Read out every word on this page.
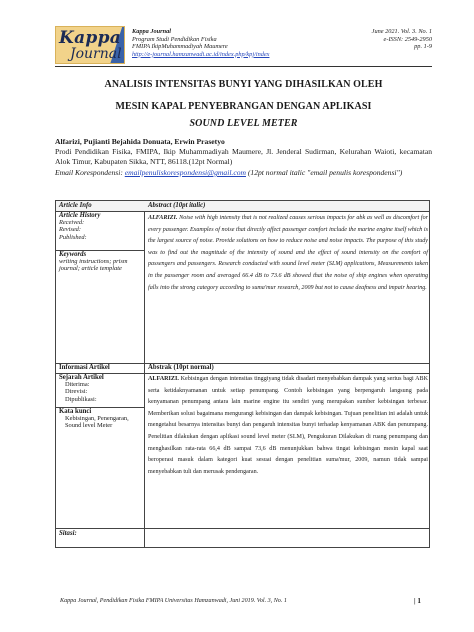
Kappa
Journal
Kappa Journal
Program Studi Pendidikan Fisika
FMIPA IkipMuhammadiyah Maumere
http://e-journal.hamzanwadi.ac.id/index.php/kpj/index
June 2021. Vol. 3. No. 1
e-ISSN: 2549-2950
pp. 1-9
ANALISIS INTENSITAS BUNYI YANG DIHASILKAN OLEH
MESIN KAPAL PENYEBRANGAN DENGAN APLIKASI
SOUND LEVEL METER
Alfarizi, Pujianti Bejahida Donuata, Erwin Prasetyo
Prodi Pendidikan Fisika, FMIPA, Ikip Muhammadiyah Maumere, Jl. Jenderal Sudirman, Kelurahan Waioti, kecamatan Alok Timur, Kabupaten Sikka, NTT, 86118.(12pt Normal)
Email Korespondensi: emailpenuliskorespondensi@gmail.com (12pt normal italic "email penulis korespondensi")
Article Info	Abstract (10pt italic)
Article History
Received:
Revised:
Published:
Keywords
writing instructions; prism journal; article template
ALFARIZI. Noise with high intensity that is not realized causes serious impacts for abk as well as discomfort for every passenger. Examples of noise that directly affect passenger comfort include the marine engine itself which is the largest source of noise. Provide solutions on how to reduce noise and noise impacts. The purpose of this study was to find out the magnitude of the intensity of sound and the effect of sound intensity on the comfort of passengers and passengers. Research conducted with sound level meter (SLM) applications, Measurements taken in the passenger room and averaged 66.4 dB to 73.6 dB showed that the noise of ship engines when operating falls into the strong category according to suma'mur research, 2009 but not to cause deafness and impair hearing.
Informasi Artikel	Abstrak (10pt normal)
Sejarah Artikel
Diterima:
Direvisi:
Dipublikasi:
Kata kunci
Kebisingan, Penengaran, Sound level Meter
ALFARIZI. Kebisingan dengan intensitas tinggiyang tidak disadari menyebabkan dampak yang serius bagi ABK serta ketidaknyamanan untuk setiap penumpang. Contoh kebisingan yang berpengaruh langsung pada kenyamanan penumpang antara lain marine engine itu sendiri yang merupakan sumber kebisingan terbesar. Memberikan solusi bagaimana mengurangi kebisingan dan dampak kebisingan. Tujuan penelitian ini adalah untuk mengetahui besarnya intensitas bunyi dan pengaruh intensitas bunyi terhadap kenyamanan ABK dan penumpang. Penelitian dilakukan dengan aplikasi sound level meter (SLM), Pengukuran Dilakukan di ruang penumpang dan menghasilkan rata-rata 66,4 dB sampai 73,6 dB menunjukkan bahwa tingat kebisingan mesin kapal saat beroperasi masuk dalam kategori kuat sesuai dengan penelitian suma'mur, 2009, namun tidak sampai menyebabkan tuli dan merusak pendengaran.
Sitasi:
Kappa Journal, Pendidikan Fisika FMIPA Universitas Hamzanwadi, Juni 2019. Vol. 3, No. 1	| 1
